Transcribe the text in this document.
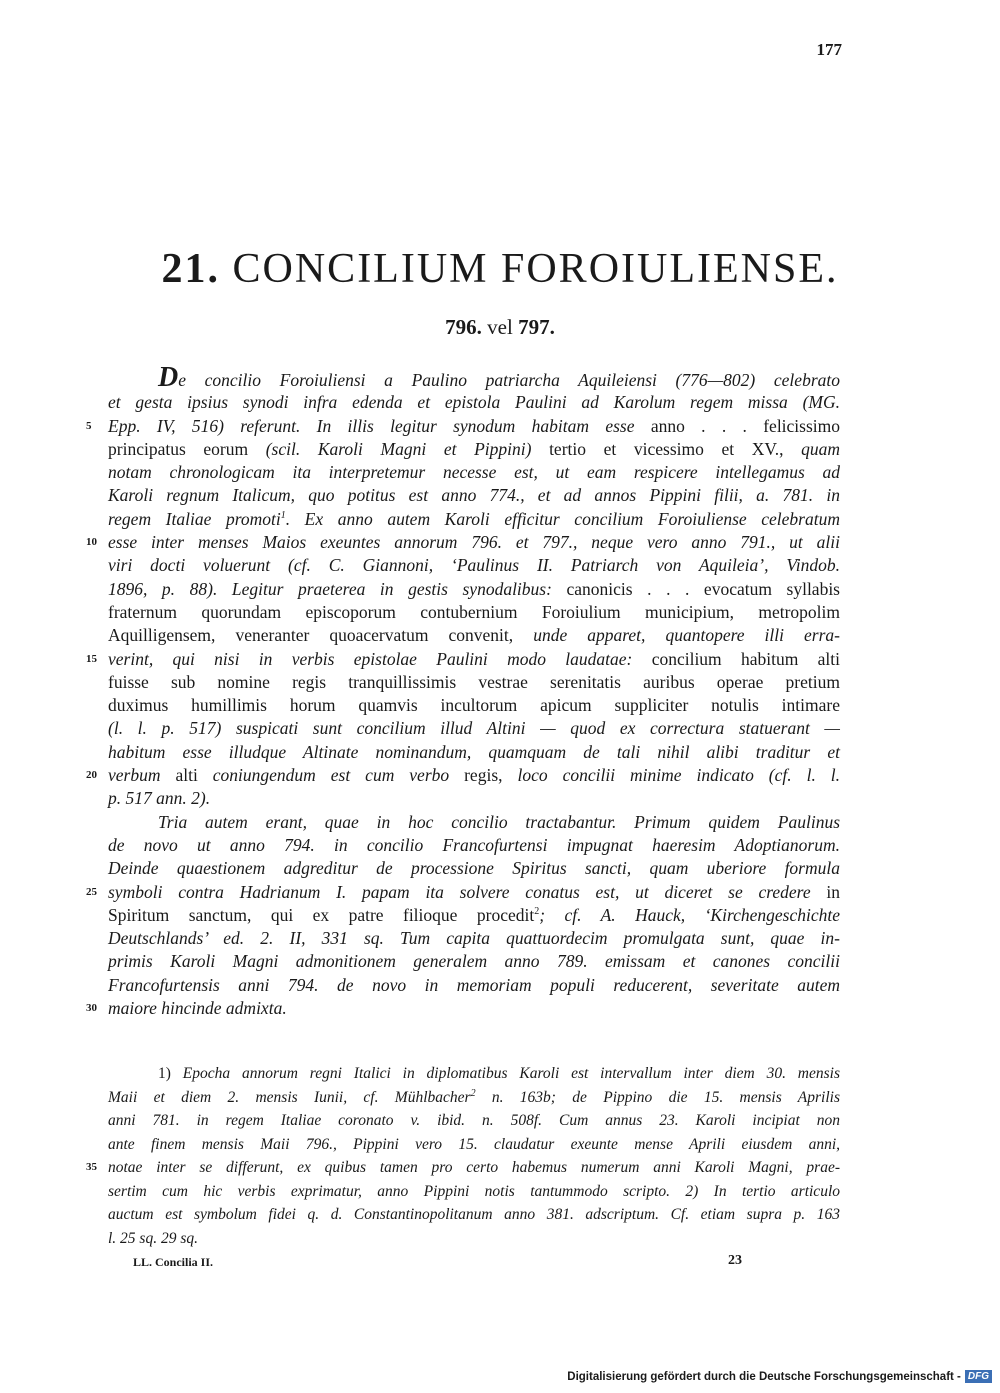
177
21. CONCILIUM FOROIULIENSE.
796. vel 797.
De concilio Foroiuliensi a Paulino patriarcha Aquileiensi (776—802) celebrato
et gesta ipsius synodi infra edenda et epistola Paulini ad Karolum regem missa (MG.
5 Epp. IV, 516) referunt. In illis legitur synodum habitam esse anno . . . felicissimo
principatus eorum (scil. Karoli Magni et Pippini) tertio et vicessimo et XV., quam
notam chronologicam ita interpretemur necesse est, ut eam respicere intellegamus ad
Karoli regnum Italicum, quo potitus est anno 774., et ad annos Pippini filii, a. 781. in
regem Italiae promoti$^1$. Ex anno autem Karoli efficitur concilium Foroiuliense celebratum
10 esse inter menses Maios exeuntes annorum 796. et 797., neque vero anno 791., ut alii
viri docti voluerunt (cf. C. Giannoni, ‘Paulinus II. Patriarch von Aquileia’, Vindob.
1896, p. 88). Legitur praeterea in gestis synodalibus: canonicis . . . evocatum syllabis
fraternum quorundam episcoporum contubernium Foroiulium municipium, metropolim
Aquilligensem, veneranter quoacervatum convenit, unde apparet, quantopere illi erra-
15 verint, qui nisi in verbis epistolae Paulini modo laudatae: concilium habitum alti
fuisse sub nomine regis tranquillissimis vestrae serenitatis auribus operae pretium
duximus humillimis horum quamvis incultorum apicum suppliciter notulis intimare
(l. l. p. 517) suspicati sunt concilium illud Altini — quod ex correctura statuerant —
habitum esse illudque Altinate nominandum, quamquam de tali nihil alibi traditur et
20 verbum alti coniungendum est cum verbo regis, loco concilii minime indicato (cf. l. l.
p. 517 ann. 2).
Tria autem erant, quae in hoc concilio tractabantur. Primum quidem Paulinus
de novo ut anno 794. in concilio Francofurtensi impugnat haeresim Adoptianorum.
Deinde quaestionem adgreditur de processione Spiritus sancti, quam uberiore formula
25 symboli contra Hadrianum I. papam ita solvere conatus est, ut diceret se credere in
Spiritum sanctum, qui ex patre filioque procedit$^2$; cf. A. Hauck, ‘Kirchengeschichte
Deutschlands’ ed. 2. II, 331 sq. Tum capita quattuordecim promulgata sunt, quae in-
primis Karoli Magni admonitionem generalem anno 789. emissam et canones concilii
Francofurtensis anni 794. de novo in memoriam populi reducerent, severitate autem
30 maiore hincinde admixta.
1) Epocha annorum regni Italici in diplomatibus Karoli est intervallum inter diem 30. mensis
Maii et diem 2. mensis Iunii, cf. Mühlbacher$^2$ n. 163b; de Pippino die 15. mensis Aprilis
anni 781. in regem Italiae coronato v. ibid. n. 508f. Cum annus 23. Karoli incipiat non
ante finem mensis Maii 796., Pippini vero 15. claudatur exeunte mense Aprili eiusdem anni,
35 notae inter se differunt, ex quibus tamen pro certo habemus numerum anni Karoli Magni, prae-
sertim cum hic verbis exprimatur, anno Pippini notis tantummodo scripto. 2) In tertio articulo
auctum est symbolum fidei q. d. Constantinopolitanum anno 381. adscriptum. Cf. etiam supra p. 163
l. 25 sq. 29 sq.
LL. Concilia II.	23
Digitalisierung gefördert durch die Deutsche Forschungsgemeinschaft - DFG
